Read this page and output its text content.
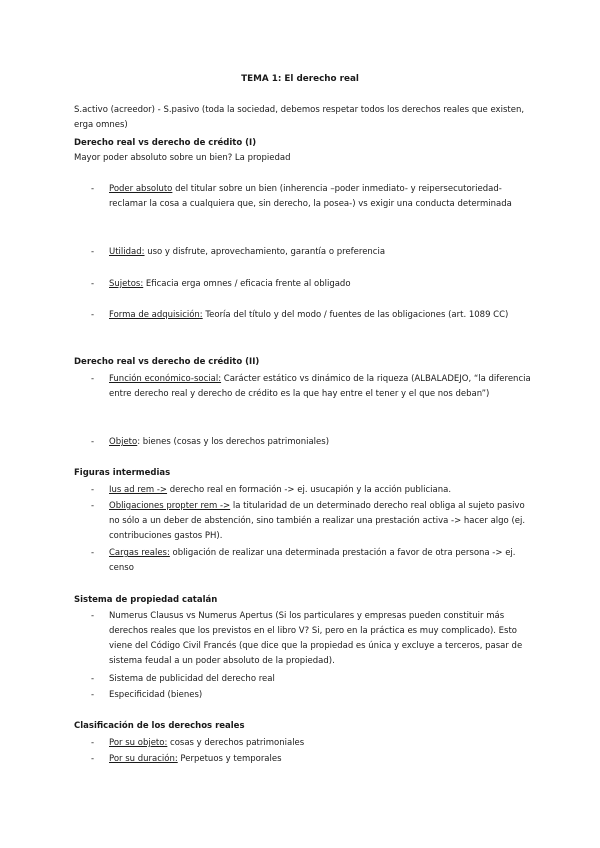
TEMA 1: El derecho real
S.activo (acreedor) - S.pasivo (toda la sociedad, debemos respetar todos los derechos reales que existen, erga omnes)
Derecho real vs derecho de crédito (I)
Mayor poder absoluto sobre un bien? La propiedad
- Poder absoluto del titular sobre un bien (inherencia –poder inmediato- y reipersecutoriedad- reclamar la cosa a cualquiera que, sin derecho, la posea-) vs exigir una conducta determinada
- Utilidad: uso y disfrute, aprovechamiento, garantía o preferencia
- Sujetos: Eficacia erga omnes / eficacia frente al obligado
- Forma de adquisición: Teoría del título y del modo / fuentes de las obligaciones (art. 1089 CC)
Derecho real vs derecho de crédito (II)
- Función económico-social: Carácter estático vs dinámico de la riqueza (ALBALADEJO, “la diferencia entre derecho real y derecho de crédito es la que hay entre el tener y el que nos deban”)
- Objeto: bienes (cosas y los derechos patrimoniales)
Figuras intermedias
- Ius ad rem -> derecho real en formación -> ej. usucapión y la acción publiciana.
- Obligaciones propter rem -> la titularidad de un determinado derecho real obliga al sujeto pasivo no sólo a un deber de abstención, sino también a realizar una prestación activa -> hacer algo (ej. contribuciones gastos PH).
- Cargas reales: obligación de realizar una determinada prestación a favor de otra persona -> ej. censo
Sistema de propiedad catalán
- Numerus Clausus vs Numerus Apertus (Si los particulares y empresas pueden constituir más derechos reales que los previstos en el libro V? Si, pero en la práctica es muy complicado). Esto viene del Código Civil Francés (que dice que la propiedad es única y excluye a terceros, pasar de sistema feudal a un poder absoluto de la propiedad).
- Sistema de publicidad del derecho real
- Especificidad (bienes)
Clasificación de los derechos reales
- Por su objeto: cosas y derechos patrimoniales
- Por su duración: Perpetuos y temporales
